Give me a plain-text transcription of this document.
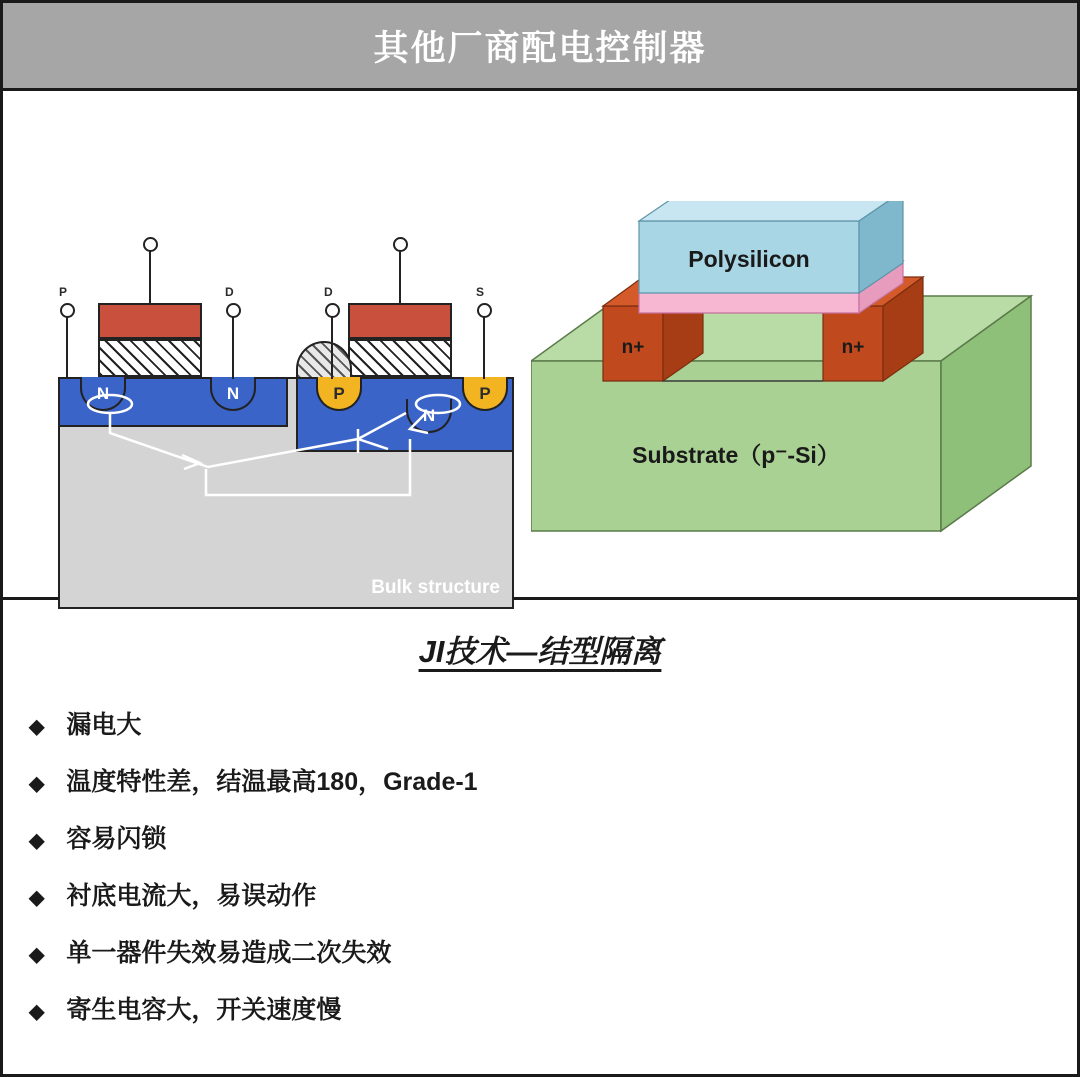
其他厂商配电控制器
Bulk structure
N	N	P
N
P
P	D	D	S
Polysilicon
n+	n+
Substrate（p⁻-Si）
JI技术—结型隔离
◆ 漏电大
◆ 温度特性差，结温最高180，Grade-1
◆ 容易闪锁
◆ 衬底电流大，易误动作
◆ 单一器件失效易造成二次失效
◆ 寄生电容大，开关速度慢
